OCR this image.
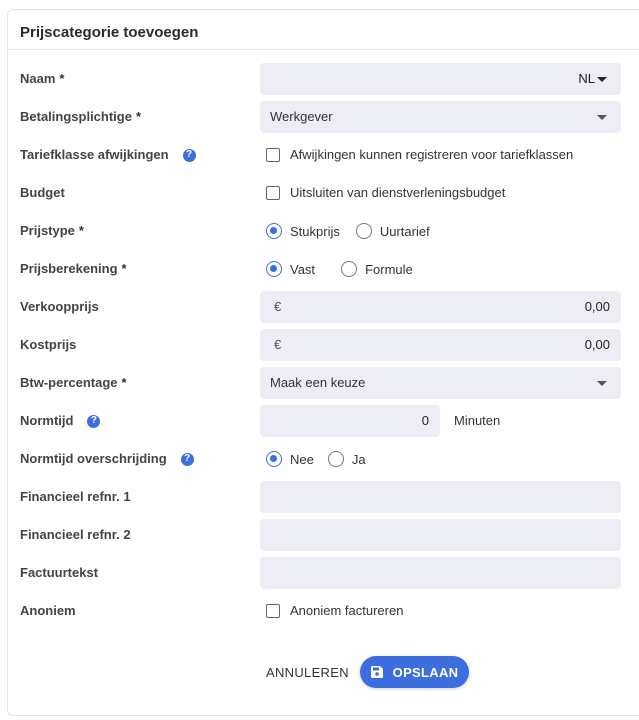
Prijscategorie toevoegen
Naam *	NL
Betalingsplichtige *	Werkgever
Tariefklasse afwijkingen	?	Afwijkingen kunnen registreren voor tariefklassen
Budget	Uitsluiten van dienstverleningsbudget
Prijstype *	Stukprijs	Uurtarief
Prijsberekening *	Vast	Formule
Verkoopprijs	€	0,00
Kostprijs	€	0,00
Btw-percentage *	Maak een keuze
Normtijd	?	0 Minuten
Normtijd overschrijding	?	Nee	Ja
Financieel refnr. 1
Financieel refnr. 2
Factuurtekst
Anoniem	Anoniem factureren
ANNULEREN	OPSLAAN
